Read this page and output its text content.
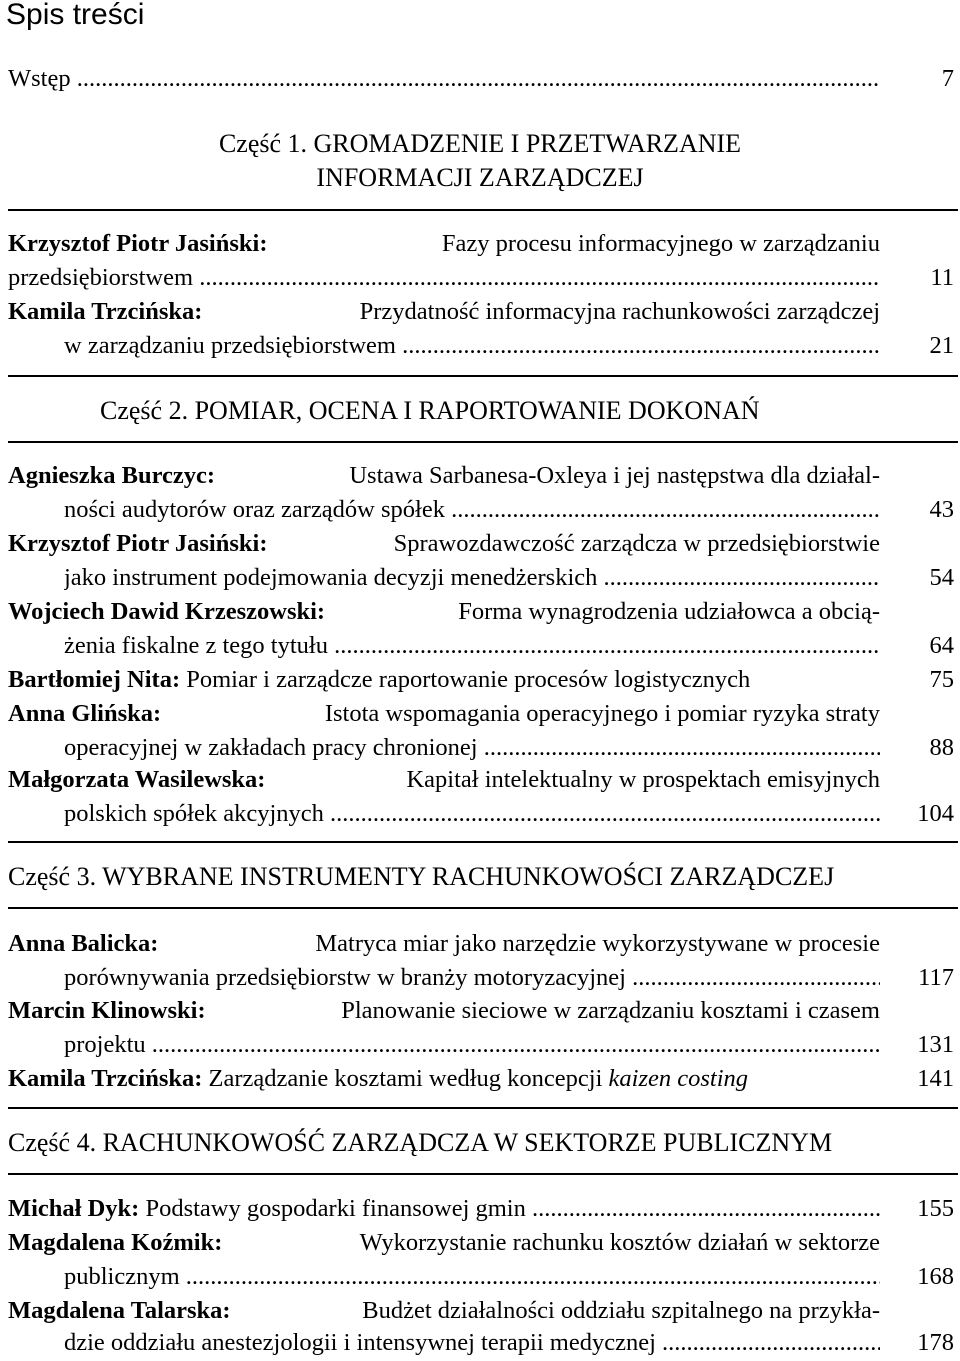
Spis treści
Wstęp .....	7
Część 1. GROMADZENIE I PRZETWARZANIE
INFORMACJI ZARZĄDCZEJ
Krzysztof Piotr Jasiński:	Fazy procesu informacyjnego w zarządzaniu
przedsiębiorstwem .....	11
Kamila Trzcińska:	Przydatność informacyjna rachunkowości zarządczej
w zarządzaniu przedsiębiorstwem .....	21
Część 2. POMIAR, OCENA I RAPORTOWANIE DOKONAŃ
Agnieszka Burczyc:	Ustawa Sarbanesa-Oxleya i jej następstwa dla działal-
ności audytorów oraz zarządów spółek .....	43
Krzysztof Piotr Jasiński:	Sprawozdawczość zarządcza w przedsiębiorstwie
jako instrument podejmowania decyzji menedżerskich .....	54
Wojciech Dawid Krzeszowski:	Forma wynagrodzenia udziałowca a obcią-
żenia fiskalne z tego tytułu .....	64
Bartłomiej Nita: Pomiar i zarządcze raportowanie procesów logistycznych	75
Anna Glińska:	Istota wspomagania operacyjnego i pomiar ryzyka straty
operacyjnej w zakładach pracy chronionej .....	88
Małgorzata Wasilewska:	Kapitał intelektualny w prospektach emisyjnych
polskich spółek akcyjnych .....	104
Część 3. WYBRANE INSTRUMENTY RACHUNKOWOŚCI ZARZĄDCZEJ
Anna Balicka:	Matryca miar jako narzędzie wykorzystywane w procesie
porównywania przedsiębiorstw w branży motoryzacyjnej .....	117
Marcin Klinowski:	Planowanie sieciowe w zarządzaniu kosztami i czasem
projektu .....	131
Kamila Trzcińska: Zarządzanie kosztami według koncepcji kaizen costing	141
Część 4. RACHUNKOWOŚĆ ZARZĄDCZA W SEKTORZE PUBLICZNYM
Michał Dyk: Podstawy gospodarki finansowej gmin .....	155
Magdalena Koźmik:	Wykorzystanie rachunku kosztów działań w sektorze
publicznym .....	168
Magdalena Talarska:	Budżet działalności oddziału szpitalnego na przykła-
dzie oddziału anestezjologii i intensywnej terapii medycznej .....	178
